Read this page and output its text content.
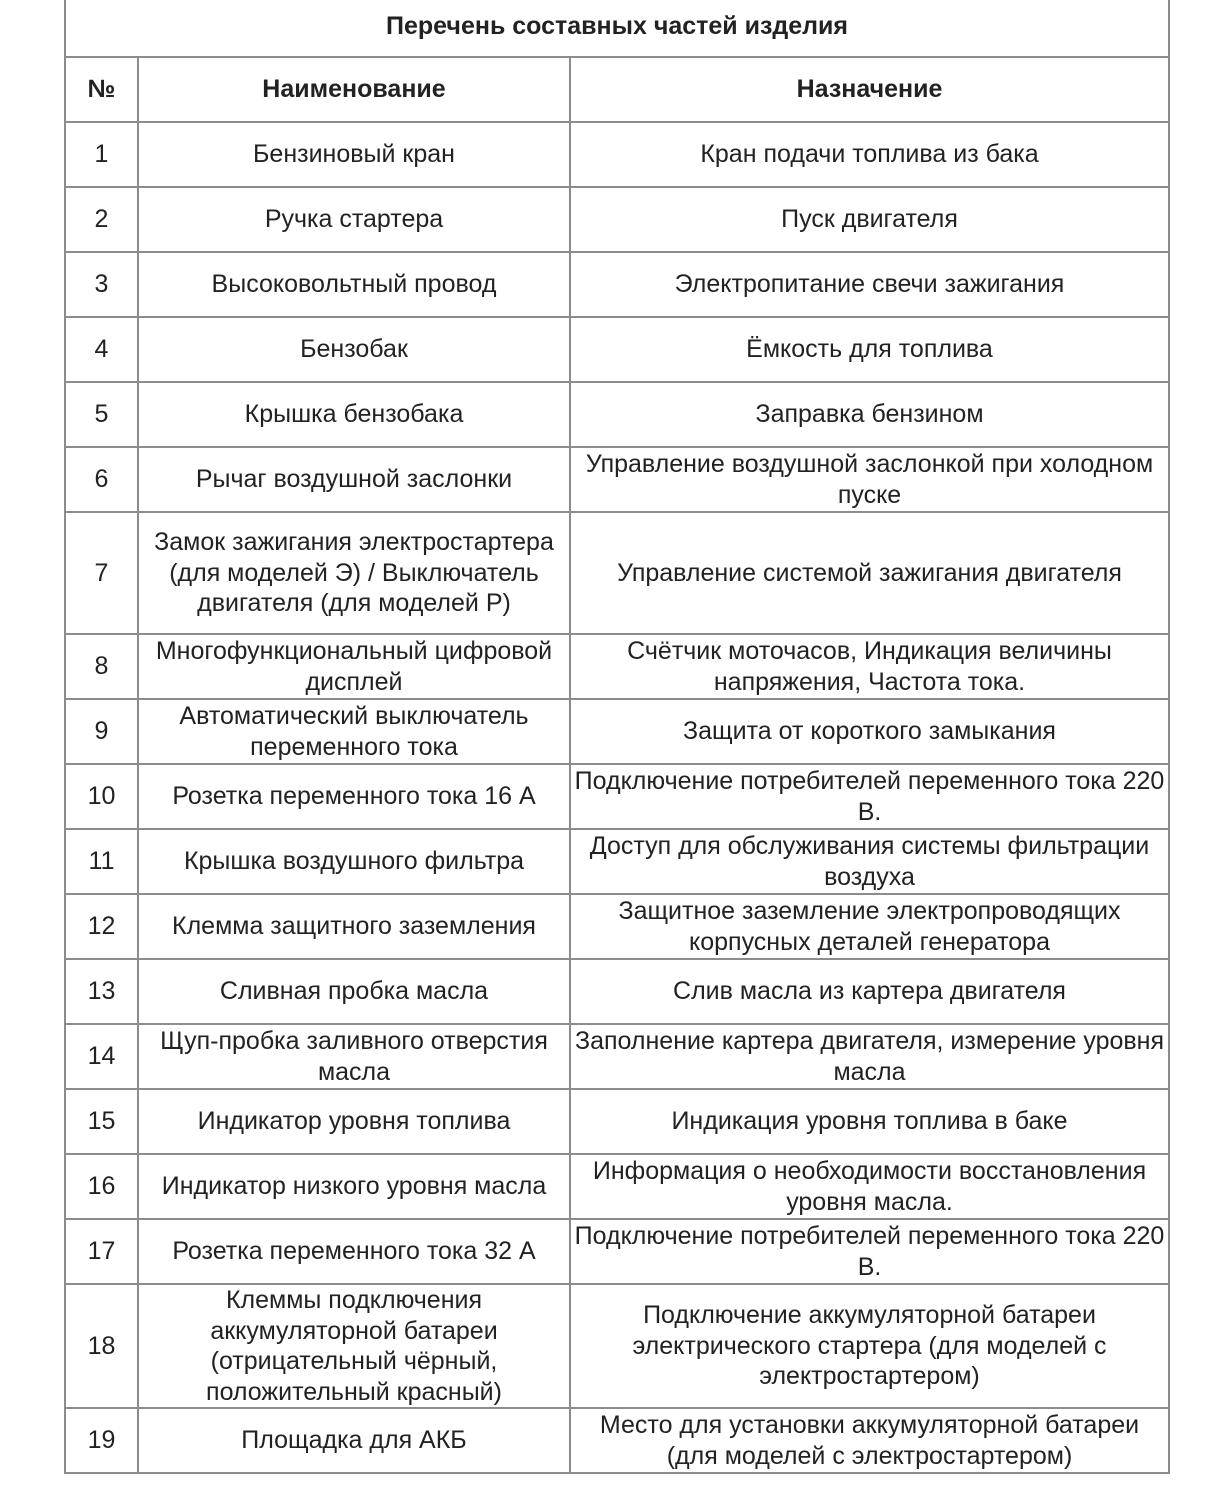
Перечень составных частей изделия		
№	Наименование	Назначение
1	Бензиновый кран	Кран подачи топлива из бака
2	Ручка стартера	Пуск двигателя
3	Высоковольтный провод	Электропитание свечи зажигания
4	Бензобак	Ёмкость для топлива
5	Крышка бензобака	Заправка бензином
6	Рычаг воздушной заслонки	Управление воздушной заслонкой при холодном пуске
7	Замок зажигания электростартера (для моделей Э) / Выключатель двигателя (для моделей Р)	Управление системой зажигания двигателя
8	Многофункциональный цифровой дисплей	Счётчик моточасов, Индикация величины напряжения, Частота тока.
9	Автоматический выключатель переменного тока	Защита от короткого замыкания
10	Розетка переменного тока 16 А	Подключение потребителей переменного тока 220 В.
11	Крышка воздушного фильтра	Доступ для обслуживания системы фильтрации воздуха
12	Клемма защитного заземления	Защитное заземление электропроводящих корпусных деталей генератора
13	Сливная пробка масла	Слив масла из картера двигателя
14	Щуп-пробка заливного отверстия масла	Заполнение картера двигателя, измерение уровня масла
15	Индикатор уровня топлива	Индикация уровня топлива в баке
16	Индикатор низкого уровня масла	Информация о необходимости восстановления уровня масла.
17	Розетка переменного тока 32 А	Подключение потребителей переменного тока 220 В.
18	Клеммы подключения аккумуляторной батареи (отрицательный чёрный, положительный красный)	Подключение аккумуляторной батареи электрического стартера (для моделей с электростартером)
19	Площадка для АКБ	Место для установки аккумуляторной батареи (для моделей с электростартером)
